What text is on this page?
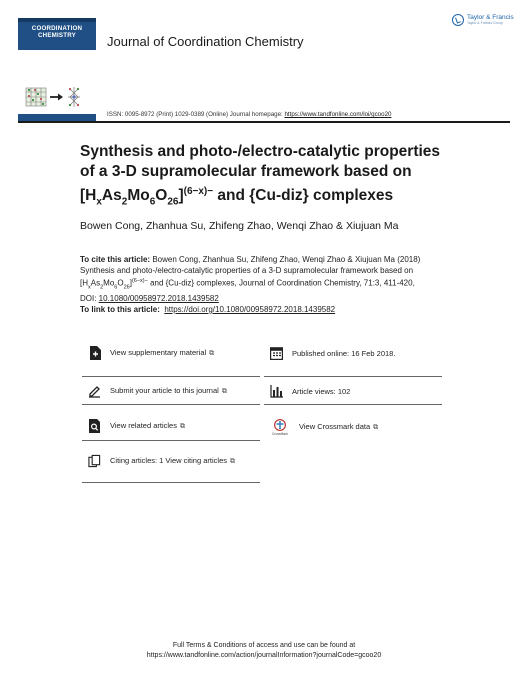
Taylor & Francis
Taylor & Francis Group
COORDINATION
CHEMISTRY	Journal of Coordination Chemistry
ISSN: 0095-8972 (Print) 1029-0389 (Online) Journal homepage: https://www.tandfonline.com/loi/gcoo20
Synthesis and photo-/electro-catalytic properties
of a 3-D supramolecular framework based on
$[H_xAs_2Mo_6O_{26}]^{(6-x)-}$ and {Cu-diz} complexes
Bowen Cong, Zhanhua Su, Zhifeng Zhao, Wenqi Zhao & Xiujuan Ma
To cite this article: Bowen Cong, Zhanhua Su, Zhifeng Zhao, Wenqi Zhao & Xiujuan Ma (2018)
Synthesis and photo-/electro-catalytic properties of a 3-D supramolecular framework based on
$[H_xAs_2Mo_6O_{26}]^{(6-x)-}$ and {Cu-diz} complexes, Journal of Coordination Chemistry, 71:3, 411-420,
DOI: 10.1080/00958972.2018.1439582
To link to this article: https://doi.org/10.1080/00958972.2018.1439582
View supplementary material ⧉
Submit your article to this journal ⧉
View related articles ⧉
Citing articles: 1 View citing articles ⧉
Published online: 16 Feb 2018.
Article views: 102
CrossMark
View Crossmark data ⧉
Full Terms & Conditions of access and use can be found at
https://www.tandfonline.com/action/journalInformation?journalCode=gcoo20
